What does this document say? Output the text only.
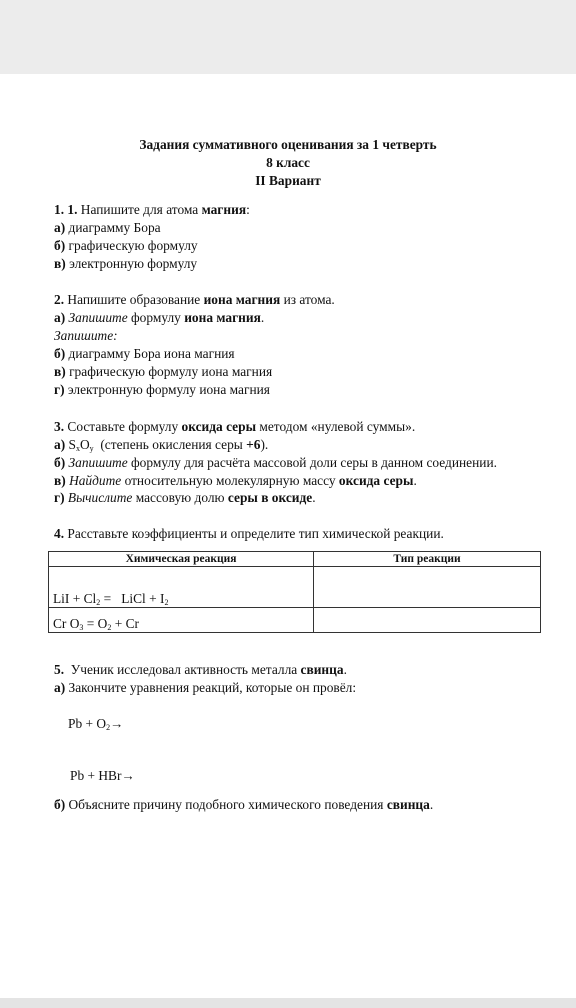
Задания суммативного оценивания за 1 четверть
8 класс
II Вариант
1. 1. Напишите для атома магния:
а) диаграмму Бора
б) графическую формулу
в) электронную формулу
2. Напишите образование иона магния из атома.
а) Запишите формулу иона магния.
Запишите:
б) диаграмму Бора иона магния
в) графическую формулу иона магния
г) электронную формулу иона магния
3. Составьте формулу оксида серы методом «нулевой суммы».
а) $S_xO_y$  (степень окисления серы +6).
б) Запишите формулу для расчёта массовой доли серы в данном соединении.
в) Найдите относительную молекулярную массу оксида серы.
г) Вычислите массовую долю серы в оксиде.
4. Расставьте коэффициенты и определите тип химической реакции.
Химическая реакция	Тип реакции
LiI + $Cl_2$ =   LiCl + $I_2$	
Cr $O_3 = O_2 + Cr$	
5.  Ученик исследовал активность металла свинца.
а) Закончите уравнения реакций, которые он провёл:
$Pb + O_2\to$
Pb + HBr→
б) Объясните причину подобного химического поведения свинца.
